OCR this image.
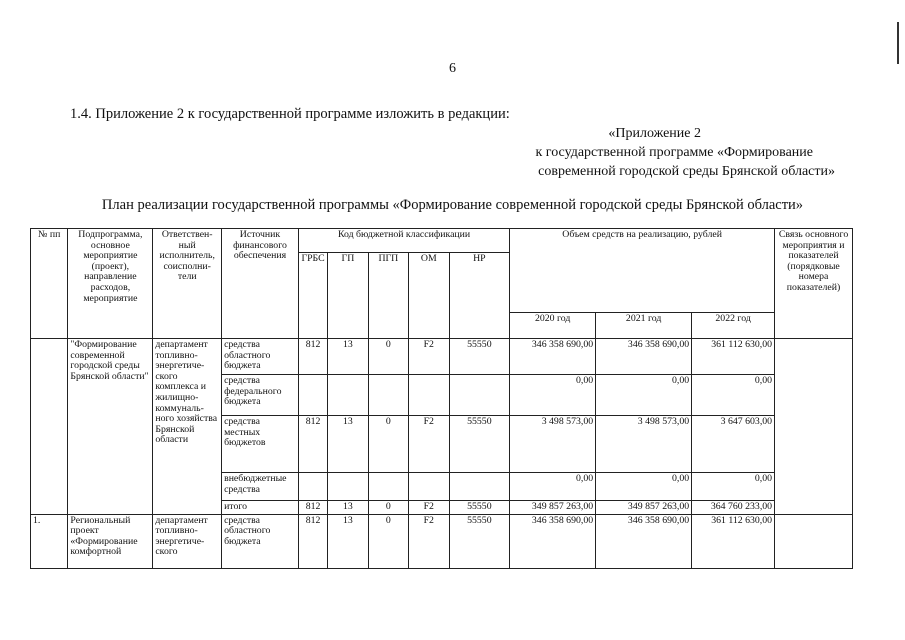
6
1.4. Приложение 2 к государственной программе изложить в редакции:
«Приложение 2
к государственной программе «Формирование
современной городской среды Брянской области»
План реализации государственной программы «Формирование современной городской среды Брянской области»
№ пп	Подпрограмма, основное мероприятие (проект), направление расходов, мероприятие	Ответствен-ный исполнитель, соисполни-тели	Источник финансового обеспечения	Код бюджетной классификации					Объем средств на реализацию, рублей			Связь основного мероприятия и показателей (порядковые номера показателей)
				ГРБС	ГП	ПГП	ОМ	НР				
									2020 год	2021 год	2022 год	
	"Формирование современной городской среды Брянской области"	департамент топливно-энергетиче-ского комплекса и жилищно-коммуналь-ного хозяйства Брянской области	средства областного бюджета	812	13	0	F2	55550	346 358 690,00	346 358 690,00	361 112 630,00	
			средства федерального бюджета						0,00	0,00	0,00	
			средства местных бюджетов	812	13	0	F2	55550	3 498 573,00	3 498 573,00	3 647 603,00	
			внебюджетные средства						0,00	0,00	0,00	
			итого	812	13	0	F2	55550	349 857 263,00	349 857 263,00	364 760 233,00	
1.	Региональный проект «Формирование комфортной	департамент топливно-энергетиче-ского	средства областного бюджета	812	13	0	F2	55550	346 358 690,00	346 358 690,00	361 112 630,00	
